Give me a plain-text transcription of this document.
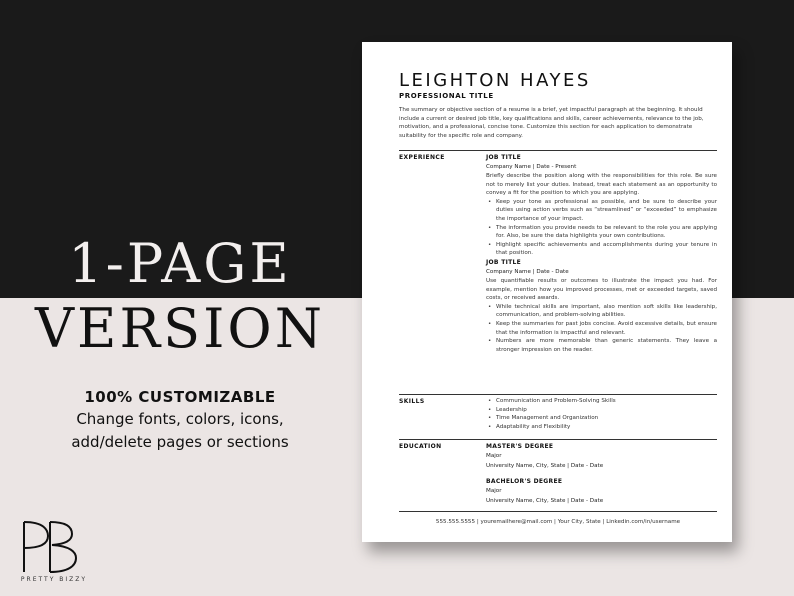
1-PAGE
VERSION
100% CUSTOMIZABLE
Change fonts, colors, icons,
add/delete pages or sections
PRETTY BIZZY
LEIGHTON HAYES
PROFESSIONAL TITLE
The summary or objective section of a resume is a brief, yet impactful paragraph at the beginning. It should include a current or desired job title, key qualifications and skills, career achievements, relevance to the job, motivation, and a professional, concise tone. Customize this section for each application to demonstrate suitability for the specific role and company.
EXPERIENCE	JOB TITLE
Company Name | Date - Present
Briefly describe the position along with the responsibilities for this role. Be sure not to merely list your duties. Instead, treat each statement as an opportunity to convey a fit for the position to which you are applying.
• Keep your tone as professional as possible, and be sure to describe your duties using action verbs such as “streamlined” or “exceeded” to emphasize the importance of your impact.
• The information you provide needs to be relevant to the role you are applying for. Also, be sure the data highlights your own contributions.
• Highlight specific achievements and accomplishments during your tenure in that position.
JOB TITLE
Company Name | Date - Date
Use quantifiable results or outcomes to illustrate the impact you had. For example, mention how you improved processes, met or exceeded targets, saved costs, or received awards.
• While technical skills are important, also mention soft skills like leadership, communication, and problem-solving abilities.
• Keep the summaries for past jobs concise. Avoid excessive details, but ensure that the information is impactful and relevant.
• Numbers are more memorable than generic statements. They leave a stronger impression on the reader.
SKILLS
•	Communication and Problem-Solving Skills
• Leadership
• Time Management and Organization
• Adaptability and Flexibility
EDUCATION	MASTER'S DEGREE
Major
University Name, City, State | Date - Date
BACHELOR'S DEGREE
Major
University Name, City, State | Date - Date
555.555.5555 | youremailhere@mail.com | Your City, State | Linkedin.com/in/username
